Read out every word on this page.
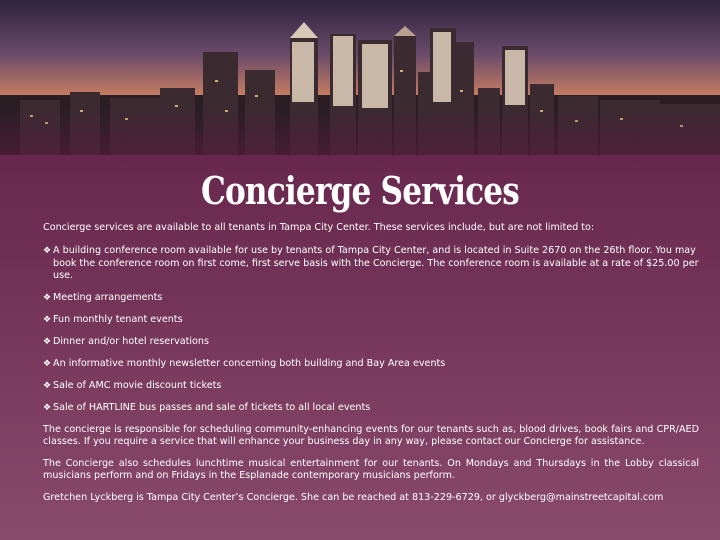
Concierge Services
Concierge services are available to all tenants in Tampa City Center. These services include, but are not limited to:
❖ A building conference room available for use by tenants of Tampa City Center, and is located in Suite 2670 on the 26th floor. You may book the conference room on first come, first serve basis with the Concierge. The conference room is available at a rate of $25.00 per use.
❖ Meeting arrangements
❖ Fun monthly tenant events
❖ Dinner and/or hotel reservations
❖ An informative monthly newsletter concerning both building and Bay Area events
❖ Sale of AMC movie discount tickets
❖ Sale of HARTLINE bus passes and sale of tickets to all local events
The concierge is responsible for scheduling community-enhancing events for our tenants such as, blood drives, book fairs and CPR/AED classes. If you require a service that will enhance your business day in any way, please contact our Concierge for assistance.
The Concierge also schedules lunchtime musical entertainment for our tenants. On Mondays and Thursdays in the Lobby classical musicians perform and on Fridays in the Esplanade contemporary musicians perform.
Gretchen Lyckberg is Tampa City Center’s Concierge. She can be reached at 813-229-6729, or glyckberg@mainstreetcapital.com
